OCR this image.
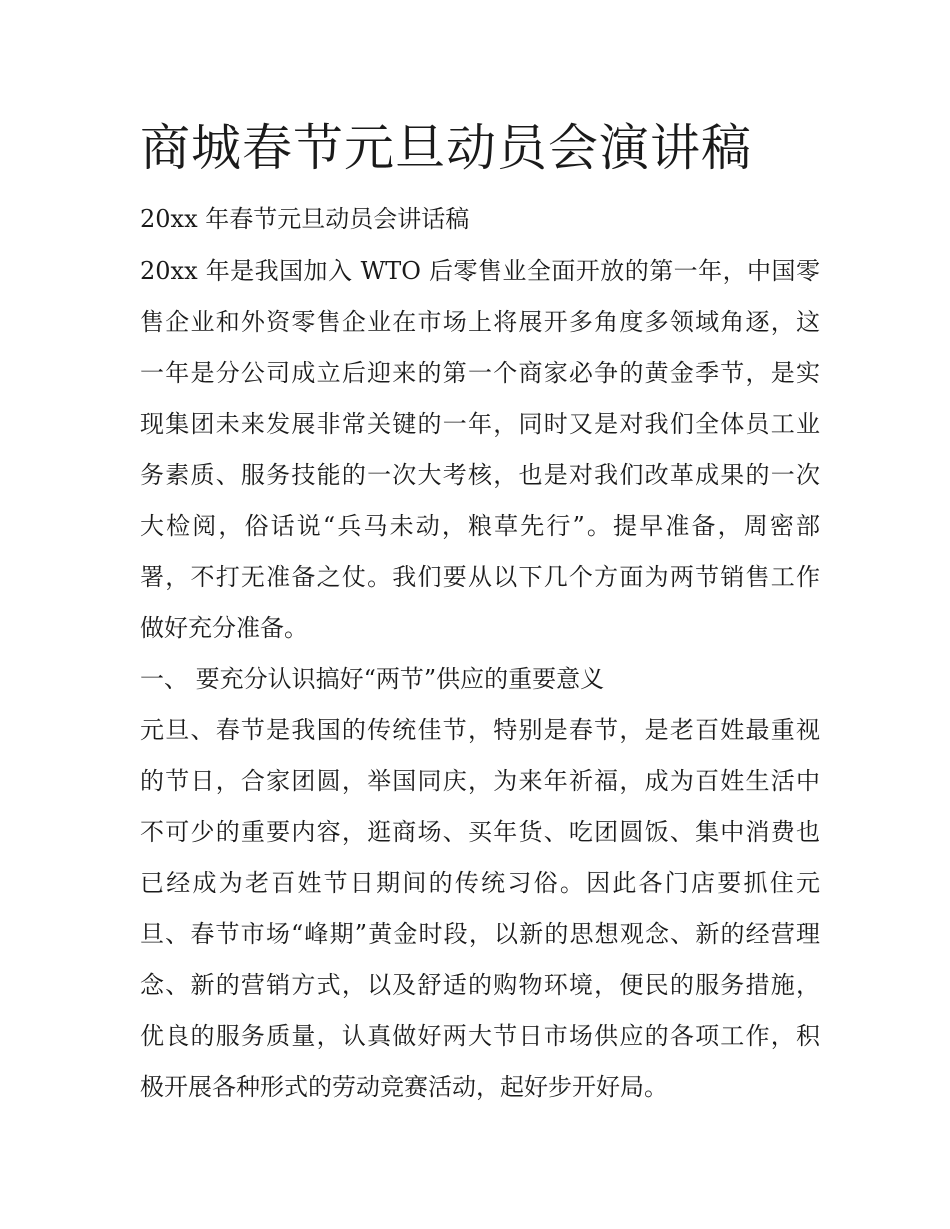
商城春节元旦动员会演讲稿
20xx 年春节元旦动员会讲话稿
20xx 年是我国加入 WTO 后零售业全面开放的第一年，中国零
售企业和外资零售企业在市场上将展开多角度多领域角逐，这
一年是分公司成立后迎来的第一个商家必争的黄金季节，是实
现集团未来发展非常关键的一年，同时又是对我们全体员工业
务素质、服务技能的一次大考核，也是对我们改革成果的一次
大检阅，俗话说“兵马未动，粮草先行”。提早准备，周密部
署，不打无准备之仗。我们要从以下几个方面为两节销售工作
做好充分准备。
一、 要充分认识搞好“两节”供应的重要意义
元旦、春节是我国的传统佳节，特别是春节，是老百姓最重视
的节日，合家团圆，举国同庆，为来年祈福，成为百姓生活中
不可少的重要内容，逛商场、买年货、吃团圆饭、集中消费也
已经成为老百姓节日期间的传统习俗。因此各门店要抓住元
旦、春节市场“峰期”黄金时段，以新的思想观念、新的经营理
念、新的营销方式，以及舒适的购物环境，便民的服务措施，
优良的服务质量，认真做好两大节日市场供应的各项工作，积
极开展各种形式的劳动竞赛活动，起好步开好局。
